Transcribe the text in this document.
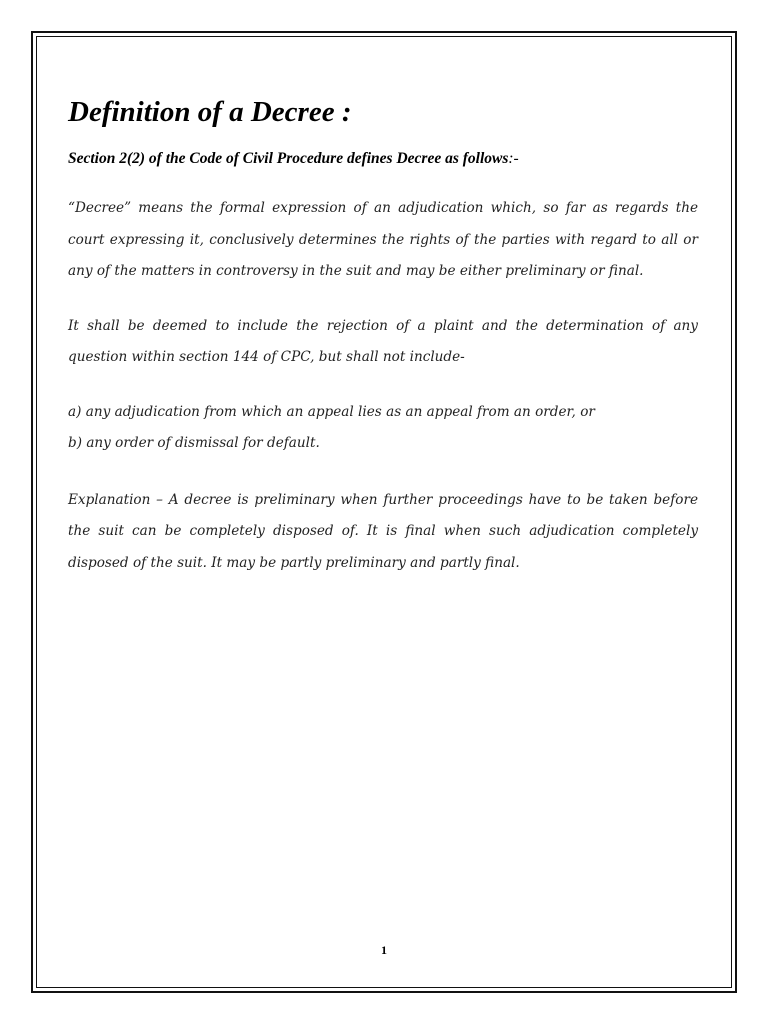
Definition of a Decree :
Section 2(2) of the Code of Civil Procedure defines Decree as follows:-

“Decree” means the formal expression of an adjudication which, so far as regards the court expressing it, conclusively determines the rights of the parties with regard to all or any of the matters in controversy in the suit and may be either preliminary or final.

It shall be deemed to include the rejection of a plaint and the determination of any question within section 144 of CPC, but shall not include-

a) any adjudication from which an appeal lies as an appeal from an order, or
b) any order of dismissal for default.

Explanation – A decree is preliminary when further proceedings have to be taken before the suit can be completely disposed of. It is final when such adjudication completely disposed of the suit. It may be partly preliminary and partly final.

1
